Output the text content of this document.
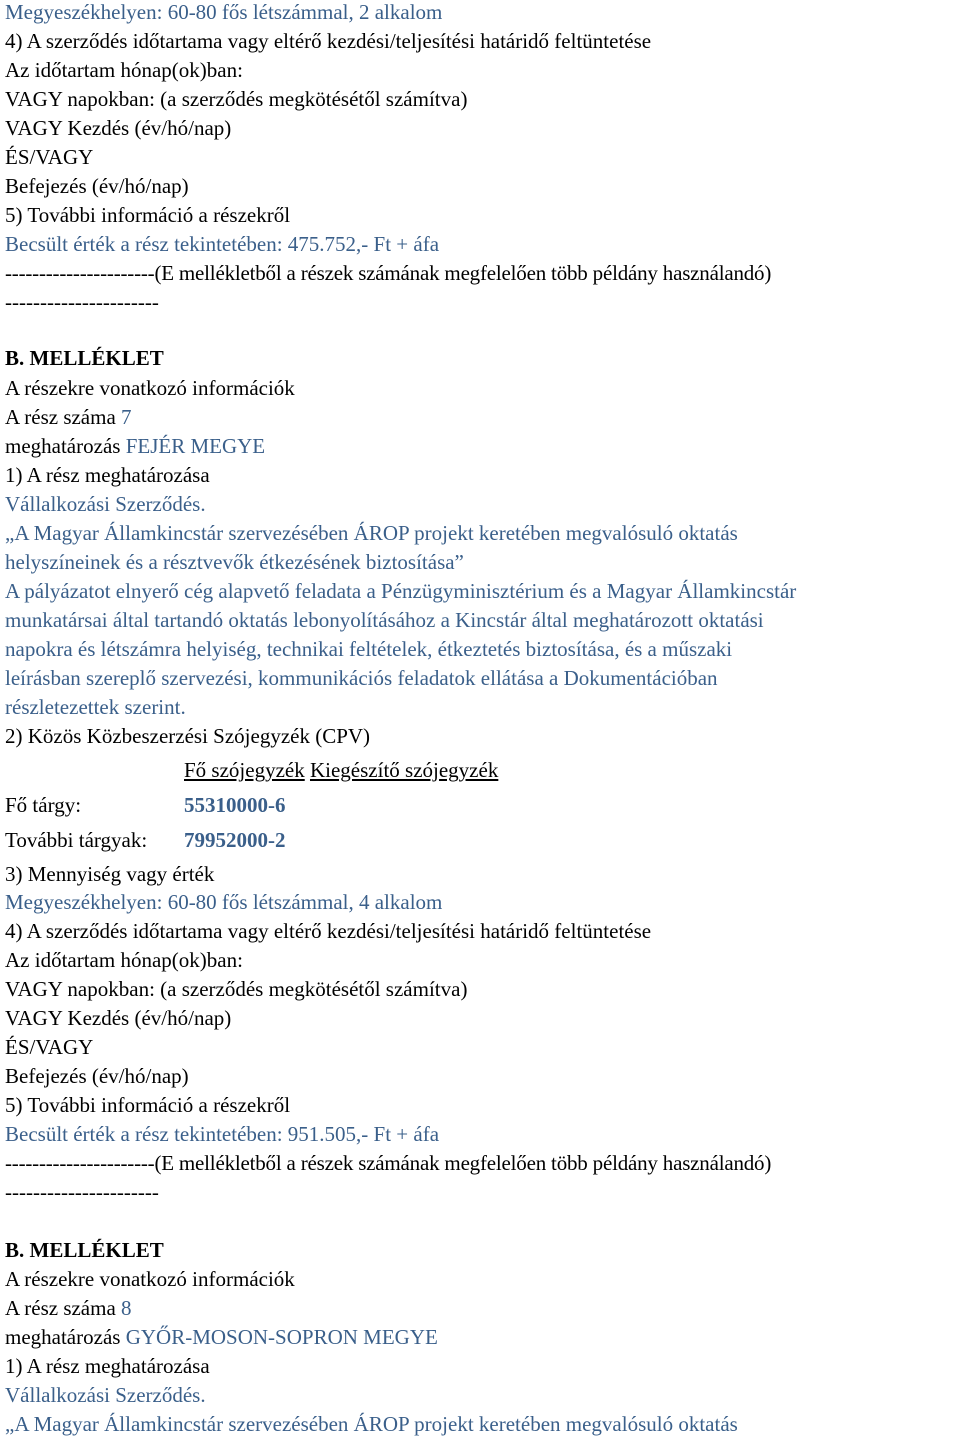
Megyeszékhelyen: 60-80 fős létszámmal, 2 alkalom
4) A szerződés időtartama vagy eltérő kezdési/teljesítési határidő feltüntetése
Az időtartam hónap(ok)ban:
VAGY napokban: (a szerződés megkötésétől számítva)
VAGY Kezdés (év/hó/nap)
ÉS/VAGY
Befejezés (év/hó/nap)
5) További információ a részekről
Becsült érték a rész tekintetében: 475.752,- Ft + áfa
----------------------(E mellékletből a részek számának megfelelően több példány használandó)
----------------------
B. MELLÉKLET
A részekre vonatkozó információk
A rész száma 7
meghatározás FEJÉR MEGYE
1) A rész meghatározása
Vállalkozási Szerződés.
„A Magyar Államkincstár szervezésében ÁROP projekt keretében megvalósuló oktatás
helyszíneinek és a résztvevők étkezésének biztosítása”
A pályázatot elnyerő cég alapvető feladata a Pénzügyminisztérium és a Magyar Államkincstár
munkatársai által tartandó oktatás lebonyolításához a Kincstár által meghatározott oktatási
napokra és létszámra helyiség, technikai feltételek, étkeztetés biztosítása, és a műszaki
leírásban szereplő szervezési, kommunikációs feladatok ellátása a Dokumentációban
részletezettek szerint.
2) Közös Közbeszerzési Szójegyzék (CPV)
Fő szójegyzék Kiegészítő szójegyzék
Fő tárgy:	55310000-6
További tárgyak: 79952000-2
3) Mennyiség vagy érték
Megyeszékhelyen: 60-80 fős létszámmal, 4 alkalom
4) A szerződés időtartama vagy eltérő kezdési/teljesítési határidő feltüntetése
Az időtartam hónap(ok)ban:
VAGY napokban: (a szerződés megkötésétől számítva)
VAGY Kezdés (év/hó/nap)
ÉS/VAGY
Befejezés (év/hó/nap)
5) További információ a részekről
Becsült érték a rész tekintetében: 951.505,- Ft + áfa
----------------------(E mellékletből a részek számának megfelelően több példány használandó)
----------------------
B. MELLÉKLET
A részekre vonatkozó információk
A rész száma 8
meghatározás GYŐR-MOSON-SOPRON MEGYE
1) A rész meghatározása
Vállalkozási Szerződés.
„A Magyar Államkincstár szervezésében ÁROP projekt keretében megvalósuló oktatás
